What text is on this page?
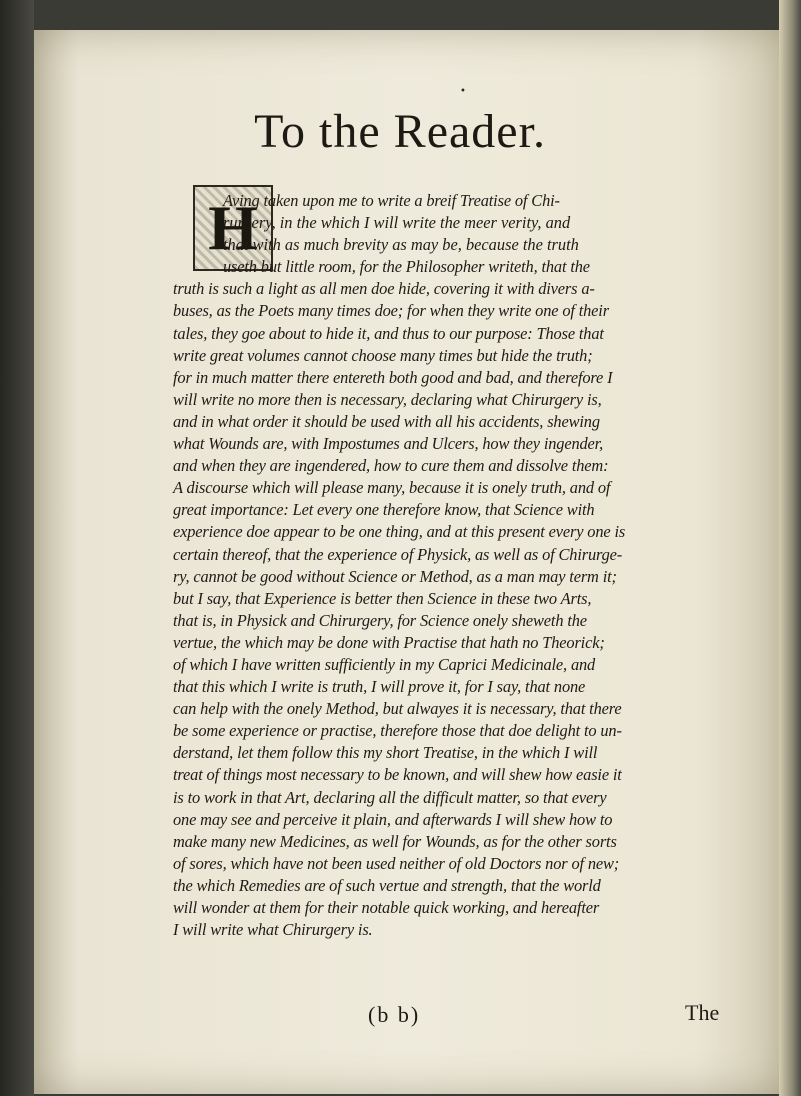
•
To the Reader.
H
Aving taken upon me to write a breif Treatise of Chi-
rurgery, in the which I will write the meer verity, and
that with as much brevity as may be, because the truth
useth but little room, for the Philosopher writeth, that the
truth is such a light as all men doe hide, covering it with divers a-
buses, as the Poets many times doe; for when they write one of their
tales, they goe about to hide it, and thus to our purpose: Those that
write great volumes cannot choose many times but hide the truth;
for in much matter there entereth both good and bad, and therefore I
will write no more then is necessary, declaring what Chirurgery is,
and in what order it should be used with all his accidents, shewing
what Wounds are, with Impostumes and Ulcers, how they ingender,
and when they are ingendered, how to cure them and dissolve them:
A discourse which will please many, because it is onely truth, and of
great importance: Let every one therefore know, that Science with
experience doe appear to be one thing, and at this present every one is
certain thereof, that the experience of Physick, as well as of Chirurge-
ry, cannot be good without Science or Method, as a man may term it;
but I say, that Experience is better then Science in these two Arts,
that is, in Physick and Chirurgery, for Science onely sheweth the
vertue, the which may be done with Practise that hath no Theorick;
of which I have written sufficiently in my Caprici Medicinale, and
that this which I write is truth, I will prove it, for I say, that none
can help with the onely Method, but alwayes it is necessary, that there
be some experience or practise, therefore those that doe delight to un-
derstand, let them follow this my short Treatise, in the which I will
treat of things most necessary to be known, and will shew how easie it
is to work in that Art, declaring all the difficult matter, so that every
one may see and perceive it plain, and afterwards I will shew how to
make many new Medicines, as well for Wounds, as for the other sorts
of sores, which have not been used neither of old Doctors nor of new;
the which Remedies are of such vertue and strength, that the world
will wonder at them for their notable quick working, and hereafter
I will write what Chirurgery is.
(b b)	The
